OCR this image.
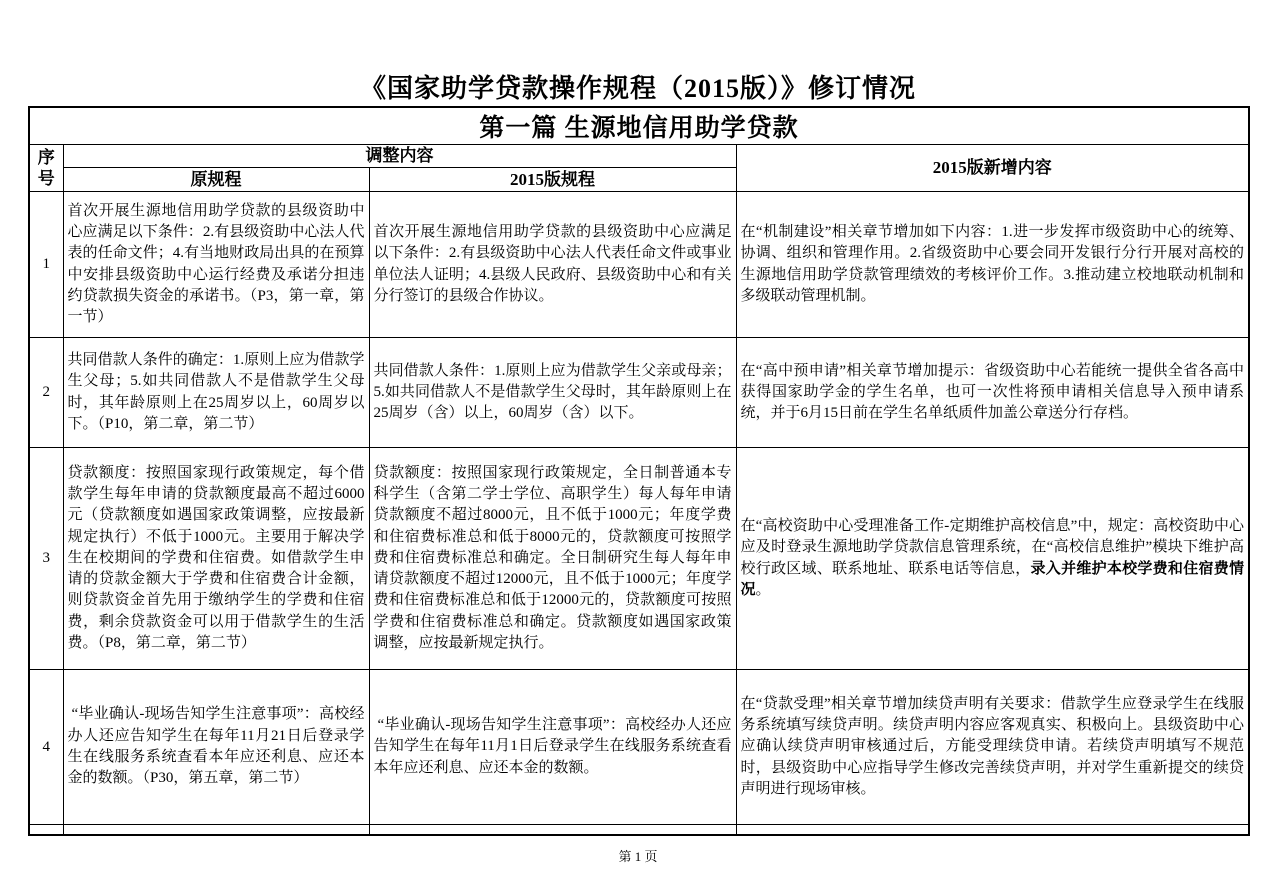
《国家助学贷款操作规程（2015版）》修订情况
第一篇 生源地信用助学贷款			
序号	调整内容		2015版新增内容
	原规程	2015版规程	
1	首次开展生源地信用助学贷款的县级资助中心应满足以下条件：2.有县级资助中心法人代表的任命文件；4.有当地财政局出具的在预算中安排县级资助中心运行经费及承诺分担违约贷款损失资金的承诺书。（P3，第一章，第一节）	首次开展生源地信用助学贷款的县级资助中心应满足以下条件：2.有县级资助中心法人代表任命文件或事业单位法人证明；4.县级人民政府、县级资助中心和有关分行签订的县级合作协议。	在“机制建设”相关章节增加如下内容：1.进一步发挥市级资助中心的统筹、协调、组织和管理作用。2.省级资助中心要会同开发银行分行开展对高校的生源地信用助学贷款管理绩效的考核评价工作。3.推动建立校地联动机制和多级联动管理机制。
2	共同借款人条件的确定：1.原则上应为借款学生父母；5.如共同借款人不是借款学生父母时，其年龄原则上在25周岁以上，60周岁以下。（P10，第二章，第二节）	共同借款人条件：1.原则上应为借款学生父亲或母亲；5.如共同借款人不是借款学生父母时，其年龄原则上在25周岁（含）以上，60周岁（含）以下。	在“高中预申请”相关章节增加提示：省级资助中心若能统一提供全省各高中获得国家助学金的学生名单，也可一次性将预申请相关信息导入预申请系统，并于6月15日前在学生名单纸质件加盖公章送分行存档。
3	贷款额度：按照国家现行政策规定，每个借款学生每年申请的贷款额度最高不超过6000元（贷款额度如遇国家政策调整，应按最新规定执行）不低于1000元。主要用于解决学生在校期间的学费和住宿费。如借款学生申请的贷款金额大于学费和住宿费合计金额，则贷款资金首先用于缴纳学生的学费和住宿费，剩余贷款资金可以用于借款学生的生活费。（P8，第二章，第二节）	贷款额度：按照国家现行政策规定，全日制普通本专科学生（含第二学士学位、高职学生）每人每年申请贷款额度不超过8000元，且不低于1000元；年度学费和住宿费标准总和低于8000元的，贷款额度可按照学费和住宿费标准总和确定。全日制研究生每人每年申请贷款额度不超过12000元，且不低于1000元；年度学费和住宿费标准总和低于12000元的，贷款额度可按照学费和住宿费标准总和确定。贷款额度如遇国家政策调整，应按最新规定执行。	在“高校资助中心受理准备工作-定期维护高校信息”中，规定：高校资助中心应及时登录生源地助学贷款信息管理系统，在“高校信息维护”模块下维护高校行政区域、联系地址、联系电话等信息，录入并维护本校学费和住宿费情况。
4	“毕业确认-现场告知学生注意事项”：高校经办人还应告知学生在每年11月21日后登录学生在线服务系统查看本年应还利息、应还本金的数额。（P30，第五章，第二节）	“毕业确认-现场告知学生注意事项”：高校经办人还应告知学生在每年11月1日后登录学生在线服务系统查看本年应还利息、应还本金的数额。	在“贷款受理”相关章节增加续贷声明有关要求：借款学生应登录学生在线服务系统填写续贷声明。续贷声明内容应客观真实、积极向上。县级资助中心应确认续贷声明审核通过后，方能受理续贷申请。若续贷声明填写不规范时，县级资助中心应指导学生修改完善续贷声明，并对学生重新提交的续贷声明进行现场审核。

第 1 页
